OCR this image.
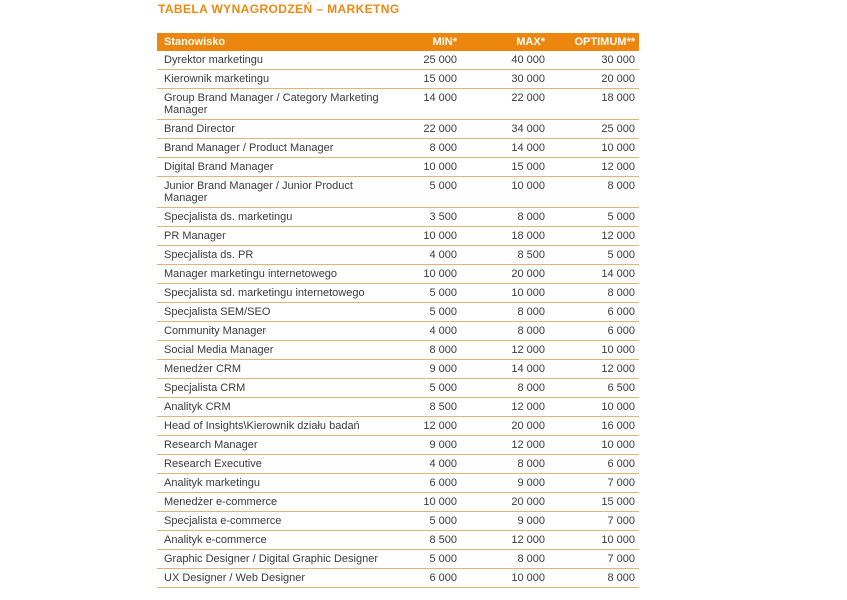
TABELA WYNAGRODZEŃ – MARKETNG
Stanowisko	MIN*	MAX*	OPTIMUM**
Dyrektor marketingu	25 000	40 000	30 000
Kierownik marketingu	15 000	30 000	20 000
Group Brand Manager / Category Marketing Manager	14 000	22 000	18 000
Brand Director	22 000	34 000	25 000
Brand Manager / Product Manager	8 000	14 000	10 000
Digital Brand Manager	10 000	15 000	12 000
Junior Brand Manager / Junior Product Manager	5 000	10 000	8 000
Specjalista ds. marketingu	3 500	8 000	5 000
PR Manager	10 000	18 000	12 000
Specjalista ds. PR	4 000	8 500	5 000
Manager marketingu internetowego	10 000	20 000	14 000
Specjalista sd. marketingu internetowego	5 000	10 000	8 000
Specjalista SEM/SEO	5 000	8 000	6 000
Community Manager	4 000	8 000	6 000
Social Media Manager	8 000	12 000	10 000
Menedżer CRM	9 000	14 000	12 000
Specjalista CRM	5 000	8 000	6 500
Analityk CRM	8 500	12 000	10 000
Head of Insights\Kierownik działu badań	12 000	20 000	16 000
Research Manager	9 000	12 000	10 000
Research Executive	4 000	8 000	6 000
Analityk marketingu	6 000	9 000	7 000
Menedżer e-commerce	10 000	20 000	15 000
Specjalista e-commerce	5 000	9 000	7 000
Analityk e-commerce	8 500	12 000	10 000
Graphic Designer / Digital Graphic Designer	5 000	8 000	7 000
UX Designer / Web Designer	6 000	10 000	8 000
